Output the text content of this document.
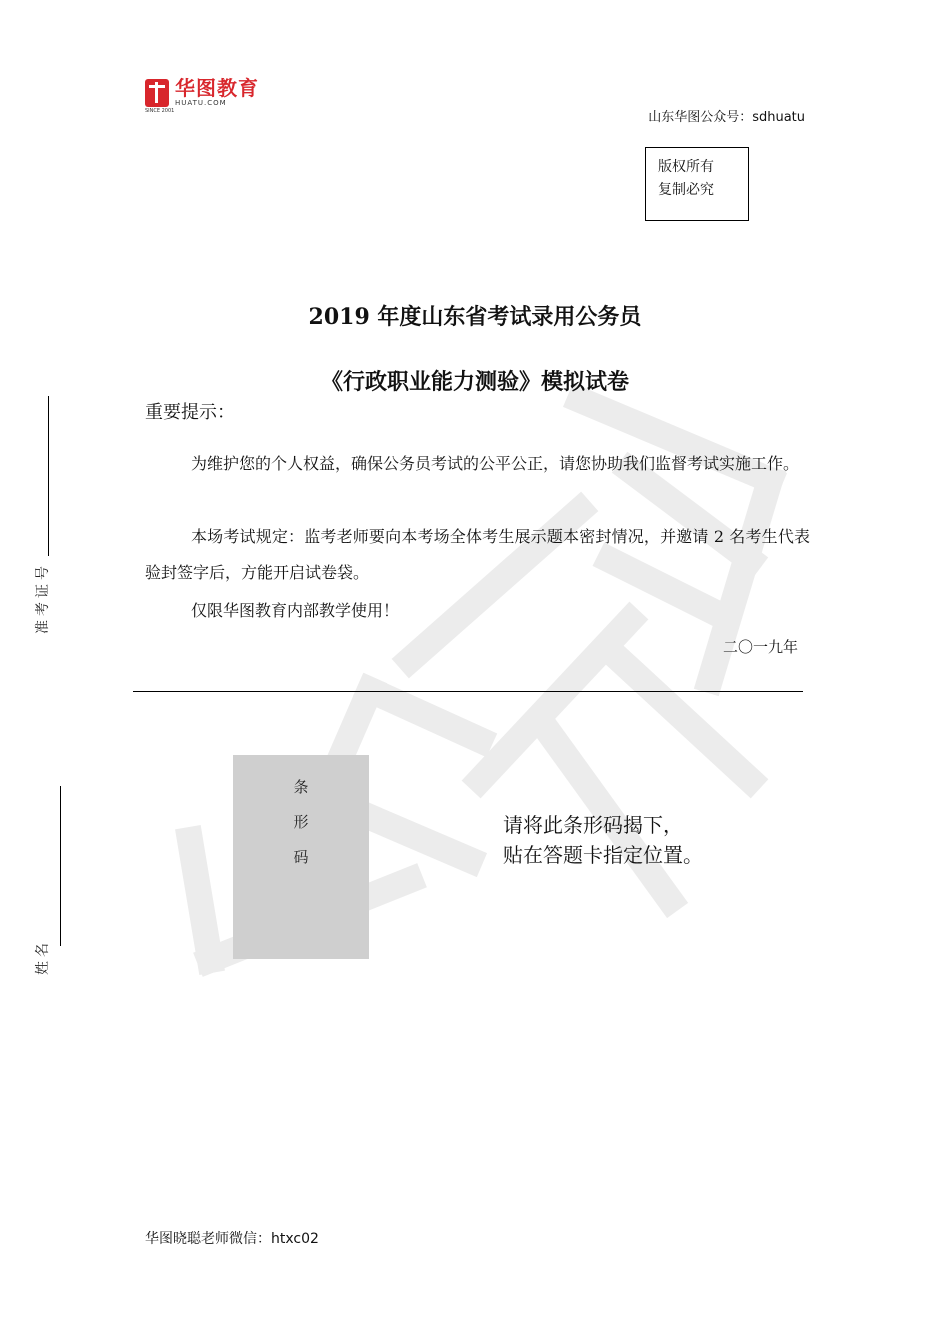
华图教育
HUATU.COM
SINCE 2001	山东华图公众号：sdhuatu
版权所有
复制必究
2019 年度山东省考试录用公务员
《行政职业能力测验》模拟试卷
重要提示：
为维护您的个人权益，确保公务员考试的公平公正，请您协助我们监督考试实施工作。
本场考试规定：监考老师要向本考场全体考生展示题本密封情况，并邀请 2 名考生代表验封签字后，方能开启试卷袋。
仅限华图教育内部教学使用！
二〇一九年
准考证号
姓名
条
形
码
请将此条形码揭下，
贴在答题卡指定位置。
华图晓聪老师微信：htxc02
